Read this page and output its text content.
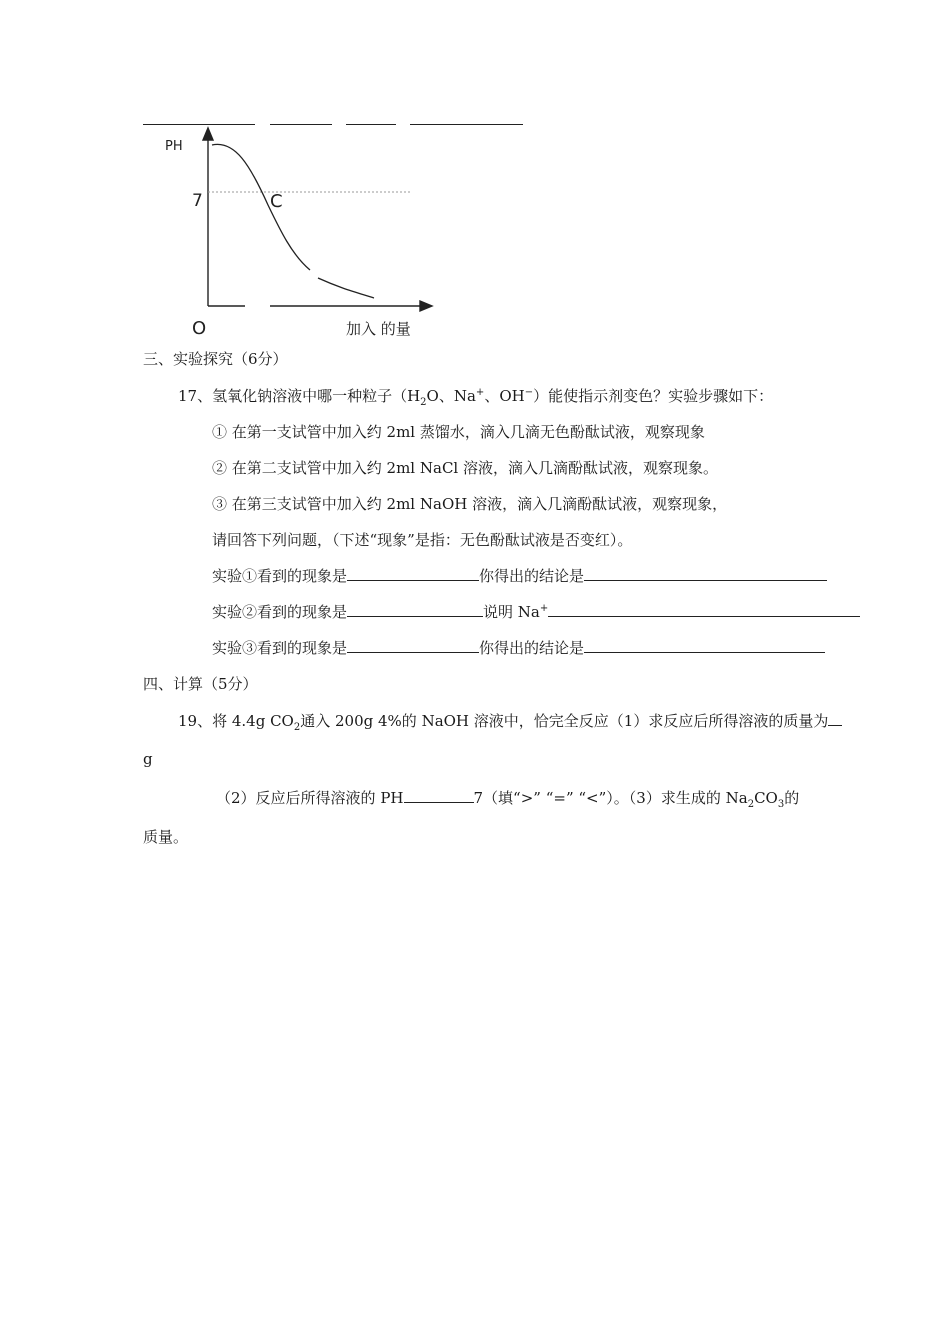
PH
7	C
O	加入 的量
三、实验探究（6分）
17、氢氧化钠溶液中哪一种粒子（$H_2O$、Na+、OH−）能使指示剂变色？实验步骤如下：
① 在第一支试管中加入约 2ml 蒸馏水，滴入几滴无色酚酞试液，观察现象
② 在第二支试管中加入约 2ml NaCl 溶液，滴入几滴酚酞试液，观察现象。
③ 在第三支试管中加入约 2ml NaOH 溶液，滴入几滴酚酞试液，观察现象，
请回答下列问题，（下述“现象”是指：无色酚酞试液是否变红）。
实验①看到的现象是	你得出的结论是
实验②看到的现象是	说明 Na+
实验③看到的现象是	你得出的结论是
四、计算（5分）
19、将 4.4g $CO_2$通入 200g 4%的 NaOH 溶液中，恰完全反应（1）求反应后所得溶液的质量为
g
（2）反应后所得溶液的 PH	7（填“>” “=” “<”）。（3）求生成的 $Na_2CO_3$的
质量。
